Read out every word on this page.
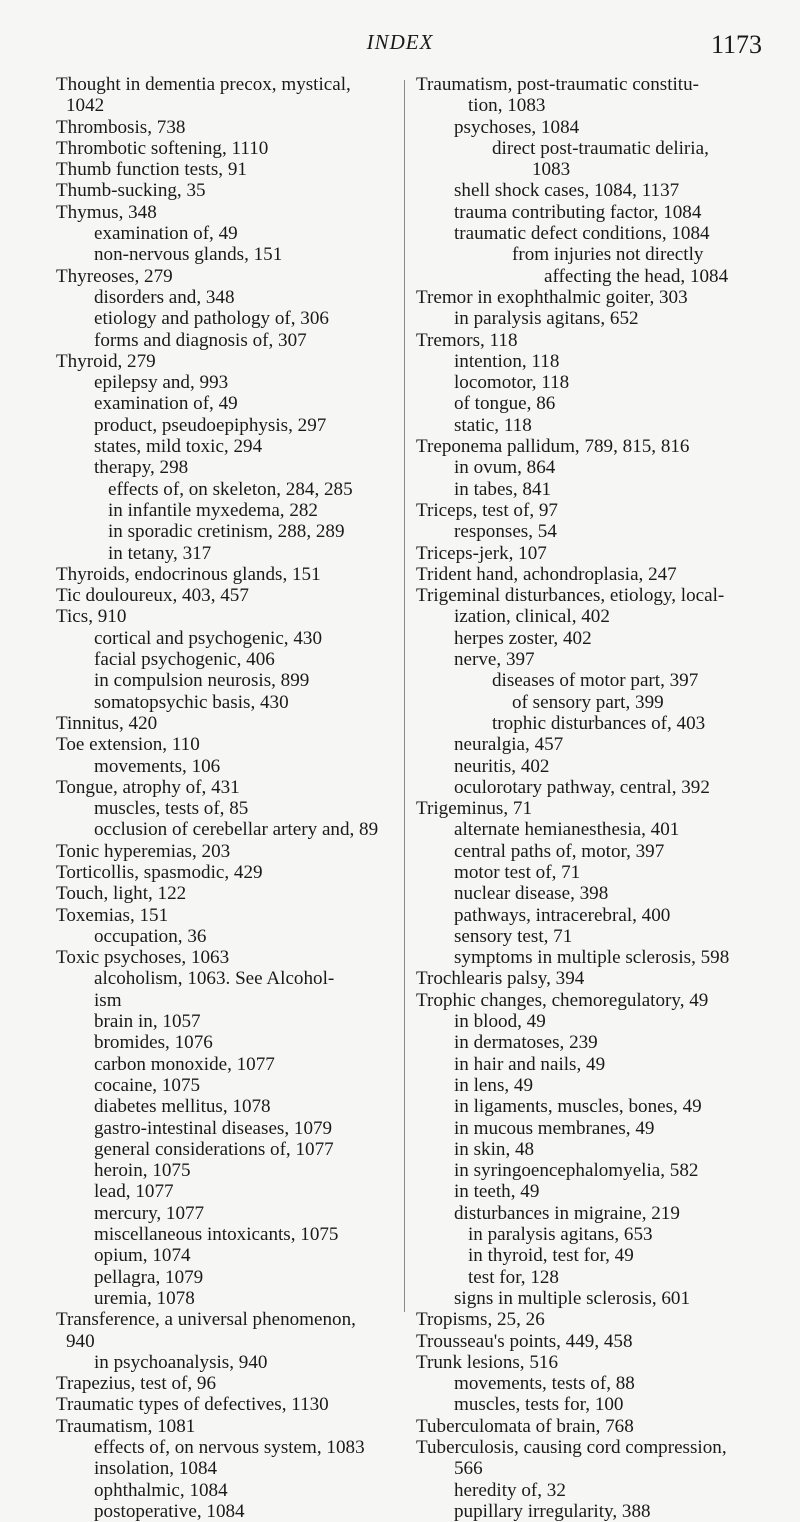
INDEX	1173
Thought in dementia precox, mystical,
1042
Thrombosis, 738
Thrombotic softening, 1110
Thumb function tests, 91
Thumb-sucking, 35
Thymus, 348
examination of, 49
non-nervous glands, 151
Thyreoses, 279
disorders and, 348
etiology and pathology of, 306
forms and diagnosis of, 307
Thyroid, 279
epilepsy and, 993
examination of, 49
product, pseudoepiphysis, 297
states, mild toxic, 294
therapy, 298
effects of, on skeleton, 284, 285
in infantile myxedema, 282
in sporadic cretinism, 288, 289
in tetany, 317
Thyroids, endocrinous glands, 151
Tic douloureux, 403, 457
Tics, 910
cortical and psychogenic, 430
facial psychogenic, 406
in compulsion neurosis, 899
somatopsychic basis, 430
Tinnitus, 420
Toe extension, 110
movements, 106
Tongue, atrophy of, 431
muscles, tests of, 85
occlusion of cerebellar artery and, 89
Tonic hyperemias, 203
Torticollis, spasmodic, 429
Touch, light, 122
Toxemias, 151
occupation, 36
Toxic psychoses, 1063
alcoholism, 1063. See Alcohol-
ism
brain in, 1057
bromides, 1076
carbon monoxide, 1077
cocaine, 1075
diabetes mellitus, 1078
gastro-intestinal diseases, 1079
general considerations of, 1077
heroin, 1075
lead, 1077
mercury, 1077
miscellaneous intoxicants, 1075
opium, 1074
pellagra, 1079
uremia, 1078
Transference, a universal phenomenon,
940
in psychoanalysis, 940
Trapezius, test of, 96
Traumatic types of defectives, 1130
Traumatism, 1081
effects of, on nervous system, 1083
insolation, 1084
ophthalmic, 1084
postoperative, 1084
Traumatism, post-traumatic constitu-
tion, 1083
psychoses, 1084
direct post-traumatic deliria,
1083
shell shock cases, 1084, 1137
trauma contributing factor, 1084
traumatic defect conditions, 1084
from injuries not directly
affecting the head, 1084
Tremor in exophthalmic goiter, 303
in paralysis agitans, 652
Tremors, 118
intention, 118
locomotor, 118
of tongue, 86
static, 118
Treponema pallidum, 789, 815, 816
in ovum, 864
in tabes, 841
Triceps, test of, 97
responses, 54
Triceps-jerk, 107
Trident hand, achondroplasia, 247
Trigeminal disturbances, etiology, local-
ization, clinical, 402
herpes zoster, 402
nerve, 397
diseases of motor part, 397
of sensory part, 399
trophic disturbances of, 403
neuralgia, 457
neuritis, 402
oculorotary pathway, central, 392
Trigeminus, 71
alternate hemianesthesia, 401
central paths of, motor, 397
motor test of, 71
nuclear disease, 398
pathways, intracerebral, 400
sensory test, 71
symptoms in multiple sclerosis, 598
Trochlearis palsy, 394
Trophic changes, chemoregulatory, 49
in blood, 49
in dermatoses, 239
in hair and nails, 49
in lens, 49
in ligaments, muscles, bones, 49
in mucous membranes, 49
in skin, 48
in syringoencephalomyelia, 582
in teeth, 49
disturbances in migraine, 219
in paralysis agitans, 653
in thyroid, test for, 49
test for, 128
signs in multiple sclerosis, 601
Tropisms, 25, 26
Trousseau's points, 449, 458
Trunk lesions, 516
movements, tests of, 88
muscles, tests for, 100
Tuberculomata of brain, 768
Tuberculosis, causing cord compression,
566
heredity of, 32
pupillary irregularity, 388
